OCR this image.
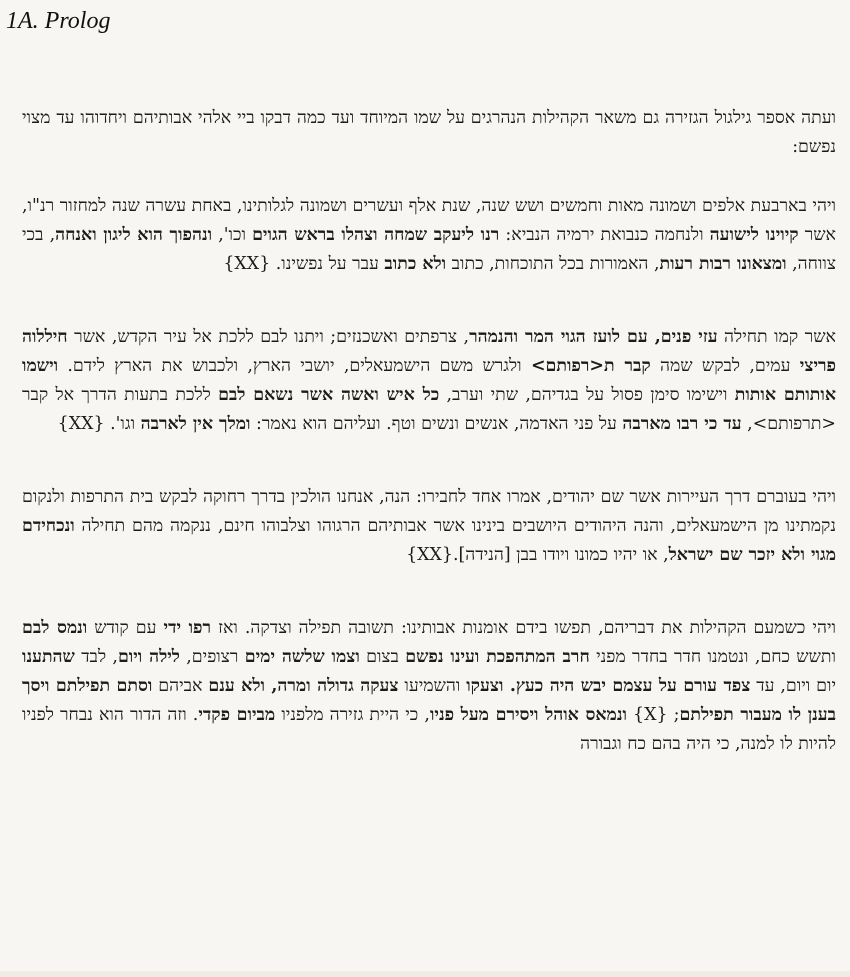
1A. Prolog

ועתה אספר גילגול הגזירה גם משאר הקהילות הנהרגים על שמו המיוחד ועד כמה דבקו ביי אלהי אבותיהם ויחדוהו עד מצוי נפשם:

ויהי בארבעת אלפים ושמונה מאות וחמשים ושש שנה, שנת אלף ועשרים ושמונה לגלותינו, באחת עשרה שנה למחזור רנ"ו, אשר קיוינו לישועה ולנחמה כנבואת ירמיה הנביא: רנו ליעקב שמחה וצהלו בראש הגוים וכו', ונהפוך הוא ליגון ואנחה, בכי צווחה, ומצאונו רבות רעות, האמורות בכל התוכחות, כתוב ולא כתוב עבר על נפשינו. {XX}

אשר קמו תחילה עזי פנים, עם לועז הגוי המר והנמהר, צרפתים ואשכנזים; ויתנו לבם ללכת אל עיר הקדש, אשר חיללוה פריצי עמים, לבקש שמה קבר ת<רפותם> ולגרש משם הישמעאלים, יושבי הארץ, ולכבוש את הארץ לידם. וישמו אותותם אותות וישימו סימן פסול על בגדיהם, שתי וערב, כל איש ואשה אשר נשאם לבם ללכת בתעות הדרך אל קבר <תרפותם>, עד כי רבו מארבה על פני האדמה, אנשים ונשים וטף. ועליהם הוא נאמר: ומלך אין לארבה וגו'. {XX}

ויהי בעוברם דרך העיירות אשר שם יהודים, אמרו אחד לחבירו: הנה, אנחנו הולכין בדרך רחוקה לבקש בית התרפות ולנקום נקמתינו מן הישמעאלים, והנה היהודים היושבים בינינו אשר אבותיהם הרגוהו וצלבוהו חינם, ננקמה מהם תחילה ונכחידם מגוי ולא יזכר שם ישראל, או יהיו כמונו ויודו בבן [הנידה].{XX}

ויהי כשמעם הקהילות את דבריהם, תפשו בידם אומנות אבותינו: תשובה תפילה וצדקה. ואז רפו ידי עם קודש ונמס לבם ותשש כחם, ונטמנו חדר בחדר מפני חרב המתהפכת ועינו נפשם בצום וצמו שלשה ימים רצופים, לילה ויום, לבד שהתענו יום ויום, עד צפד עורם על עצמם יבש היה כעץ. וצעקו והשמיעו צעקה גדולה ומרה, ולא ענם אביהם וסתם תפילתם ויסך בענן לו מעבור תפילתם; {X} ונמאס אוהל ויסירם מעל פניו, כי היית גזירה מלפניו מביום פקדי. וזה הדור הוא נבחר לפניו להיות לו למנה, כי היה בהם כח וגבורה
